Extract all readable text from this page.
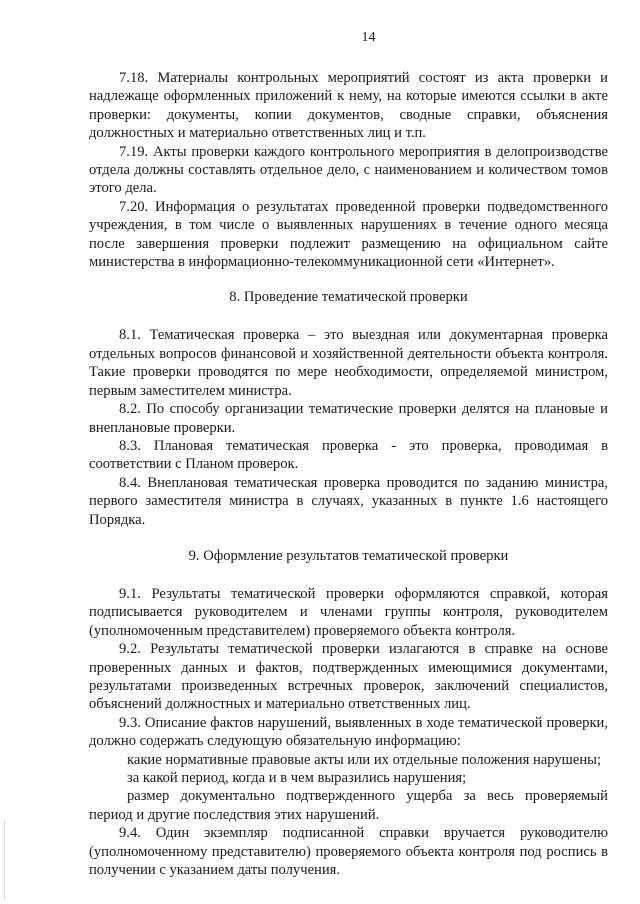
14

7.18. Материалы контрольных мероприятий состоят из акта проверки и надлежаще оформленных приложений к нему, на которые имеются ссылки в акте проверки: документы, копии документов, сводные справки, объяснения должностных и материально ответственных лиц и т.п.

7.19. Акты проверки каждого контрольного мероприятия в делопроизводстве отдела должны составлять отдельное дело, с наименованием и количеством томов этого дела.

7.20. Информация о результатах проведенной проверки подведомственного учреждения, в том числе о выявленных нарушениях в течение одного месяца после завершения проверки подлежит размещению на официальном сайте министерства в информационно-телекоммуникационной сети «Интернет».

8. Проведение тематической проверки

8.1. Тематическая проверка – это выездная или документарная проверка отдельных вопросов финансовой и хозяйственной деятельности объекта контроля. Такие проверки проводятся по мере необходимости, определяемой министром, первым заместителем министра.

8.2. По способу организации тематические проверки делятся на плановые и внеплановые проверки.

8.3. Плановая тематическая проверка - это проверка, проводимая в соответствии с Планом проверок.

8.4. Внеплановая тематическая проверка проводится по заданию министра, первого заместителя министра в случаях, указанных в пункте 1.6 настоящего Порядка.

9. Оформление результатов тематической проверки

9.1. Результаты тематической проверки оформляются справкой, которая подписывается руководителем и членами группы контроля, руководителем (уполномоченным представителем) проверяемого объекта контроля.

9.2. Результаты тематической проверки излагаются в справке на основе проверенных данных и фактов, подтвержденных имеющимися документами, результатами произведенных встречных проверок, заключений специалистов, объяснений должностных и материально ответственных лиц.

9.3. Описание фактов нарушений, выявленных в ходе тематической проверки, должно содержать следующую обязательную информацию:

какие нормативные правовые акты или их отдельные положения нарушены;

за какой период, когда и в чем выразились нарушения;

размер документально подтвержденного ущерба за весь проверяемый период и другие последствия этих нарушений.

9.4. Один экземпляр подписанной справки вручается руководителю (уполномоченному представителю) проверяемого объекта контроля под роспись в получении с указанием даты получения.
